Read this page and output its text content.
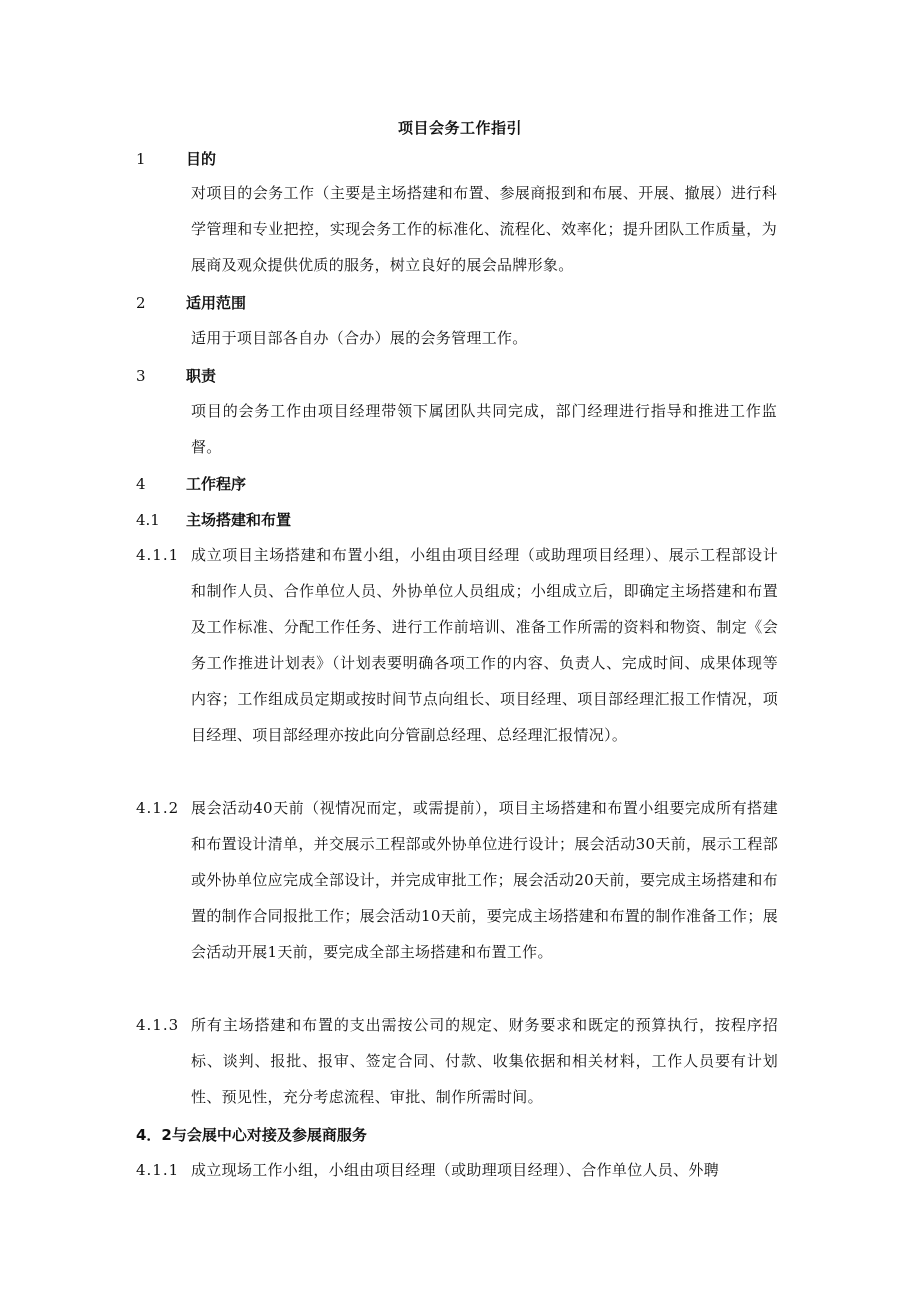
项目会务工作指引
1	目的
对项目的会务工作（主要是主场搭建和布置、参展商报到和布展、开展、撤展）进行科学管理和专业把控，实现会务工作的标准化、流程化、效率化；提升团队工作质量，为展商及观众提供优质的服务，树立良好的展会品牌形象。
2	适用范围
适用于项目部各自办（合办）展的会务管理工作。
3	职责
项目的会务工作由项目经理带领下属团队共同完成，部门经理进行指导和推进工作监督。
4	工作程序
4.1 主场搭建和布置
4.1.1 成立项目主场搭建和布置小组，小组由项目经理（或助理项目经理）、展示工程部设计和制作人员、合作单位人员、外协单位人员组成；小组成立后，即确定主场搭建和布置及工作标准、分配工作任务、进行工作前培训、准备工作所需的资料和物资、制定《会务工作推进计划表》（计划表要明确各项工作的内容、负责人、完成时间、成果体现等内容；工作组成员定期或按时间节点向组长、项目经理、项目部经理汇报工作情况，项目经理、项目部经理亦按此向分管副总经理、总经理汇报情况）。
4.1.2 展会活动40天前（视情况而定，或需提前），项目主场搭建和布置小组要完成所有搭建和布置设计清单，并交展示工程部或外协单位进行设计；展会活动30天前，展示工程部或外协单位应完成全部设计，并完成审批工作；展会活动20天前，要完成主场搭建和布置的制作合同报批工作；展会活动10天前，要完成主场搭建和布置的制作准备工作；展会活动开展1天前，要完成全部主场搭建和布置工作。
4.1.3 所有主场搭建和布置的支出需按公司的规定、财务要求和既定的预算执行，按程序招标、谈判、报批、报审、签定合同、付款、收集依据和相关材料，工作人员要有计划性、预见性，充分考虑流程、审批、制作所需时间。
4．2与会展中心对接及参展商服务
4.1.1 成立现场工作小组，小组由项目经理（或助理项目经理）、合作单位人员、外聘
